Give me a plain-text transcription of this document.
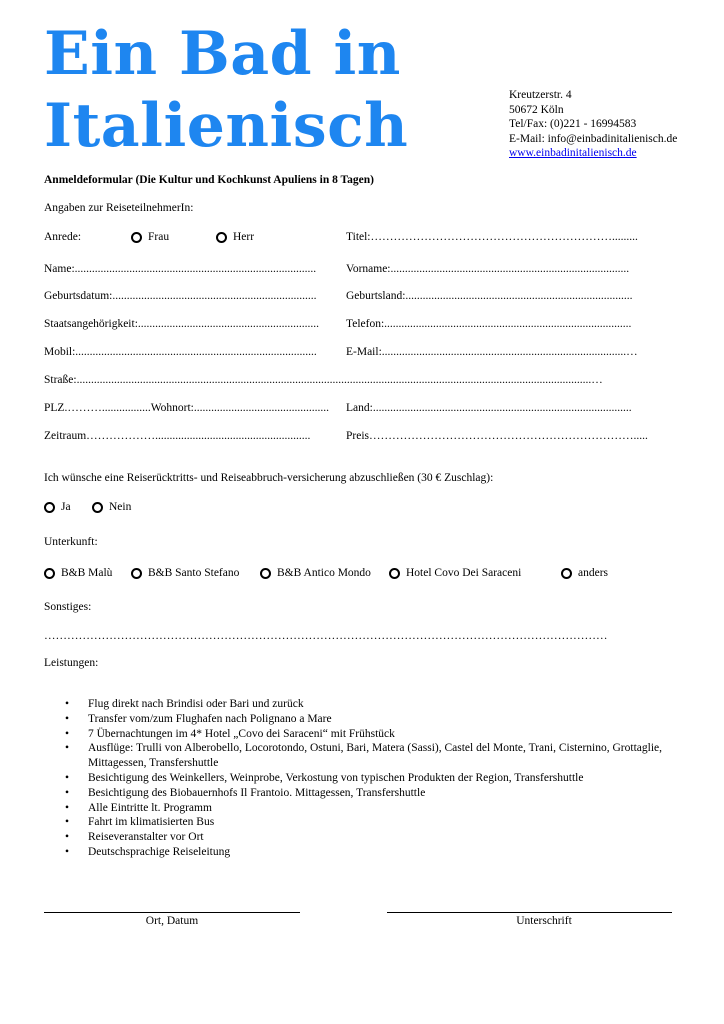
Ein Bad in Italienisch	Kreutzerstr. 4
50672 Köln
Tel/Fax: (0)221 - 16994583
E-Mail: info@einbadinitalienisch.de
www.einbadinitalienisch.de
Anmeldeformular (Die Kultur und Kochkunst Apuliens in 8 Tagen)
Angaben zur ReiseteilnehmerIn:
Anrede:	Frau	Herr	Titel:……………………………………………………….........
Name:....................................................................................	Vorname:...................................................................................
Geburtsdatum:.......................................................................	Geburtsland:...............................................................................
Staatsangehörigkeit:............................................................... Telefon:......................................................................................
Mobil:....................................................................................	E-Mail:.....................................................................................…
Straße:...................................................................................................................................................................................…
PLZ.……….................Wohnort:............................................... Land:..........................................................................................
Zeitraum………………......................................................	Preis…………………………………………………………….....
Ich wünsche eine Reiserücktritts- und Reiseabbruch-versicherung abzuschließen (30 € Zuschlag):
Ja	Nein
Unterkunft:
B&B Malù	B&B Santo Stefano	B&B Antico Mondo	Hotel Covo Dei Saraceni	anders
Sonstiges:
…………………………………………………………………………………………………………………………………
Leistungen:
• Flug direkt nach Brindisi oder Bari und zurück
• Transfer vom/zum Flughafen nach Polignano a Mare
• 7 Übernachtungen im 4* Hotel „Covo dei Saraceni“ mit Frühstück
• Ausflüge: Trulli von Alberobello, Locorotondo, Ostuni, Bari, Matera (Sassi), Castel del Monte, Trani, Cisternino, Grottaglie, Mittagessen, Transfershuttle
• Besichtigung des Weinkellers, Weinprobe, Verkostung von typischen Produkten der Region, Transfershuttle
• Besichtigung des Biobauernhofs Il Frantoio. Mittagessen, Transfershuttle
• Alle Eintritte lt. Programm
• Fahrt im klimatisierten Bus
• Reiseveranstalter vor Ort
• Deutschsprachige Reiseleitung
Ort, Datum	Unterschrift
